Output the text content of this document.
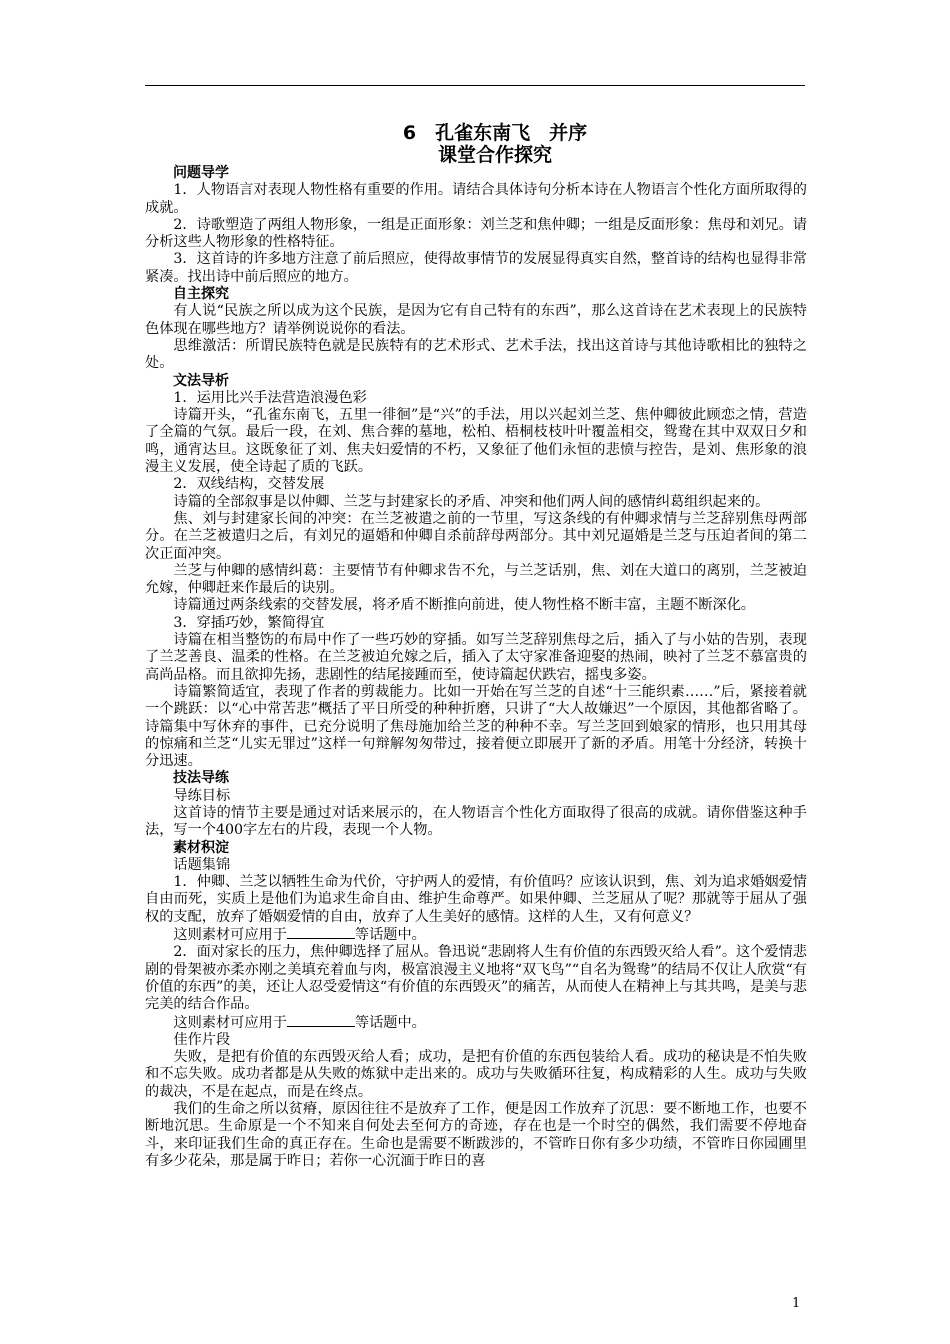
6　孔雀东南飞　并序
课堂合作探究

问题导学

1．人物语言对表现人物性格有重要的作用。请结合具体诗句分析本诗在人物语言个性化方面所取得的成就。

2．诗歌塑造了两组人物形象，一组是正面形象：刘兰芝和焦仲卿；一组是反面形象：焦母和刘兄。请分析这些人物形象的性格特征。

3．这首诗的许多地方注意了前后照应，使得故事情节的发展显得真实自然，整首诗的结构也显得非常紧凑。找出诗中前后照应的地方。

自主探究

有人说“民族之所以成为这个民族，是因为它有自己特有的东西”，那么这首诗在艺术表现上的民族特色体现在哪些地方？请举例说说你的看法。

思维激活：所谓民族特色就是民族特有的艺术形式、艺术手法，找出这首诗与其他诗歌相比的独特之处。

文法导析

1．运用比兴手法营造浪漫色彩

诗篇开头，“孔雀东南飞，五里一徘徊”是“兴”的手法，用以兴起刘兰芝、焦仲卿彼此顾恋之情，营造了全篇的气氛。最后一段，在刘、焦合葬的墓地，松柏、梧桐枝枝叶叶覆盖相交，鸳鸯在其中双双日夕和鸣，通宵达旦。这既象征了刘、焦夫妇爱情的不朽，又象征了他们永恒的悲愤与控告，是刘、焦形象的浪漫主义发展，使全诗起了质的飞跃。

2．双线结构，交替发展

诗篇的全部叙事是以仲卿、兰芝与封建家长的矛盾、冲突和他们两人间的感情纠葛组织起来的。

焦、刘与封建家长间的冲突：在兰芝被遣之前的一节里，写这条线的有仲卿求情与兰芝辞别焦母两部分。在兰芝被遣归之后，有刘兄的逼婚和仲卿自杀前辞母两部分。其中刘兄逼婚是兰芝与压迫者间的第二次正面冲突。

兰芝与仲卿的感情纠葛：主要情节有仲卿求告不允，与兰芝话别，焦、刘在大道口的离别，兰芝被迫允嫁，仲卿赶来作最后的诀别。

诗篇通过两条线索的交替发展，将矛盾不断推向前进，使人物性格不断丰富，主题不断深化。

3．穿插巧妙，繁简得宜

诗篇在相当整饬的布局中作了一些巧妙的穿插。如写兰芝辞别焦母之后，插入了与小姑的告别，表现了兰芝善良、温柔的性格。在兰芝被迫允嫁之后，插入了太守家准备迎娶的热闹，映衬了兰芝不慕富贵的高尚品格。而且欲抑先扬，悲剧性的结尾接踵而至，使诗篇起伏跌宕，摇曳多姿。

诗篇繁简适宜，表现了作者的剪裁能力。比如一开始在写兰芝的自述“十三能织素……”后，紧接着就一个跳跃：以“心中常苦悲”概括了平日所受的种种折磨，只讲了“大人故嫌迟”一个原因，其他都省略了。诗篇集中写休弃的事件，已充分说明了焦母施加给兰芝的种种不幸。写兰芝回到娘家的情形，也只用其母的惊痛和兰芝“儿实无罪过”这样一句辩解匆匆带过，接着便立即展开了新的矛盾。用笔十分经济，转换十分迅速。

技法导练

导练目标

这首诗的情节主要是通过对话来展示的，在人物语言个性化方面取得了很高的成就。请你借鉴这种手法，写一个400字左右的片段，表现一个人物。

素材积淀

话题集锦

1．仲卿、兰芝以牺牲生命为代价，守护两人的爱情，有价值吗？应该认识到，焦、刘为追求婚姻爱情自由而死，实质上是他们为追求生命自由、维护生命尊严。如果仲卿、兰芝屈从了呢？那就等于屈从了强权的支配，放弃了婚姻爱情的自由，放弃了人生美好的感情。这样的人生，又有何意义？

这则素材可应用于	等话题中。

2．面对家长的压力，焦仲卿选择了屈从。鲁迅说“悲剧将人生有价值的东西毁灭给人看”。这个爱情悲剧的骨架被亦柔亦刚之美填充着血与肉，极富浪漫主义地将“双飞鸟”“自名为鸳鸯”的结局不仅让人欣赏“有价值的东西”的美，还让人忍受爱情这“有价值的东西毁灭”的痛苦，从而使人在精神上与其共鸣，是美与悲完美的结合作品。

这则素材可应用于	等话题中。

佳作片段

失败，是把有价值的东西毁灭给人看；成功，是把有价值的东西包装给人看。成功的秘诀是不怕失败和不忘失败。成功者都是从失败的炼狱中走出来的。成功与失败循环往复，构成精彩的人生。成功与失败的裁决，不是在起点，而是在终点。

我们的生命之所以贫瘠，原因往往不是放弃了工作，便是因工作放弃了沉思：要不断地工作，也要不断地沉思。生命原是一个不知来自何处去至何方的奇迹，存在也是一个时空的偶然，我们需要不停地奋斗，来印证我们生命的真正存在。生命也是需要不断跋涉的，不管昨日你有多少功绩，不管昨日你园圃里有多少花朵，那是属于昨日；若你一心沉湎于昨日的喜

1
